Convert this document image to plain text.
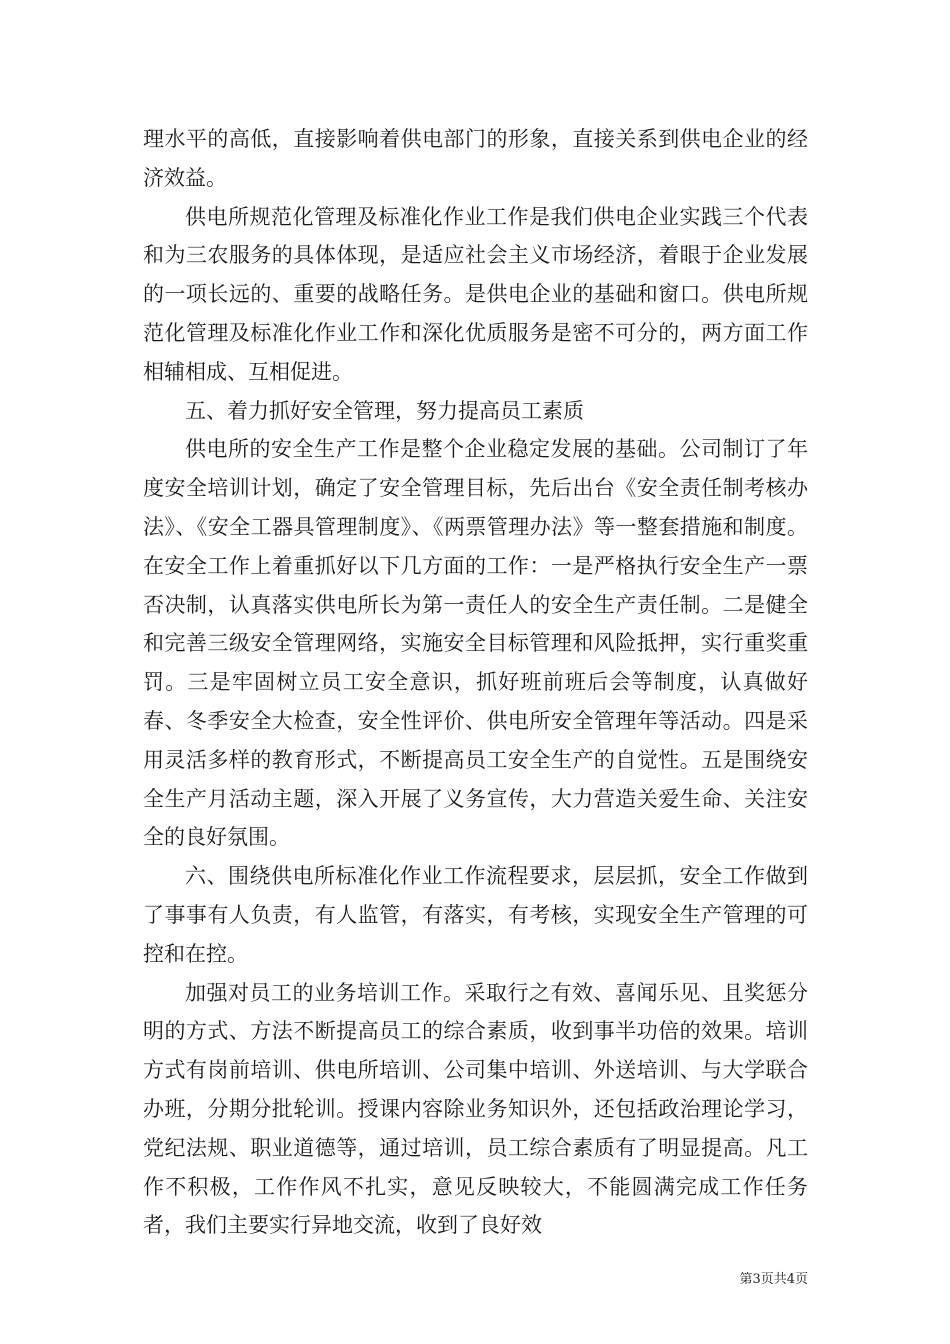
理水平的高低，直接影响着供电部门的形象，直接关系到供电企业的经济效益。

供电所规范化管理及标准化作业工作是我们供电企业实践三个代表和为三农服务的具体体现，是适应社会主义市场经济，着眼于企业发展的一项长远的、重要的战略任务。是供电企业的基础和窗口。供电所规范化管理及标准化作业工作和深化优质服务是密不可分的，两方面工作相辅相成、互相促进。

五、着力抓好安全管理，努力提高员工素质

供电所的安全生产工作是整个企业稳定发展的基础。公司制订了年度安全培训计划，确定了安全管理目标，先后出台《安全责任制考核办法》、《安全工器具管理制度》、《两票管理办法》等一整套措施和制度。在安全工作上着重抓好以下几方面的工作：一是严格执行安全生产一票否决制，认真落实供电所长为第一责任人的安全生产责任制。二是健全和完善三级安全管理网络，实施安全目标管理和风险抵押，实行重奖重罚。三是牢固树立员工安全意识，抓好班前班后会等制度，认真做好春、冬季安全大检查，安全性评价、供电所安全管理年等活动。四是采用灵活多样的教育形式，不断提高员工安全生产的自觉性。五是围绕安全生产月活动主题，深入开展了义务宣传，大力营造关爱生命、关注安全的良好氛围。

六、围绕供电所标准化作业工作流程要求，层层抓，安全工作做到了事事有人负责，有人监管，有落实，有考核，实现安全生产管理的可控和在控。

加强对员工的业务培训工作。采取行之有效、喜闻乐见、且奖惩分明的方式、方法不断提高员工的综合素质，收到事半功倍的效果。培训方式有岗前培训、供电所培训、公司集中培训、外送培训、与大学联合办班，分期分批轮训。授课内容除业务知识外，还包括政治理论学习，党纪法规、职业道德等，通过培训，员工综合素质有了明显提高。凡工作不积极，工作作风不扎实，意见反映较大，不能圆满完成工作任务者，我们主要实行异地交流，收到了良好效

第3页共4页
